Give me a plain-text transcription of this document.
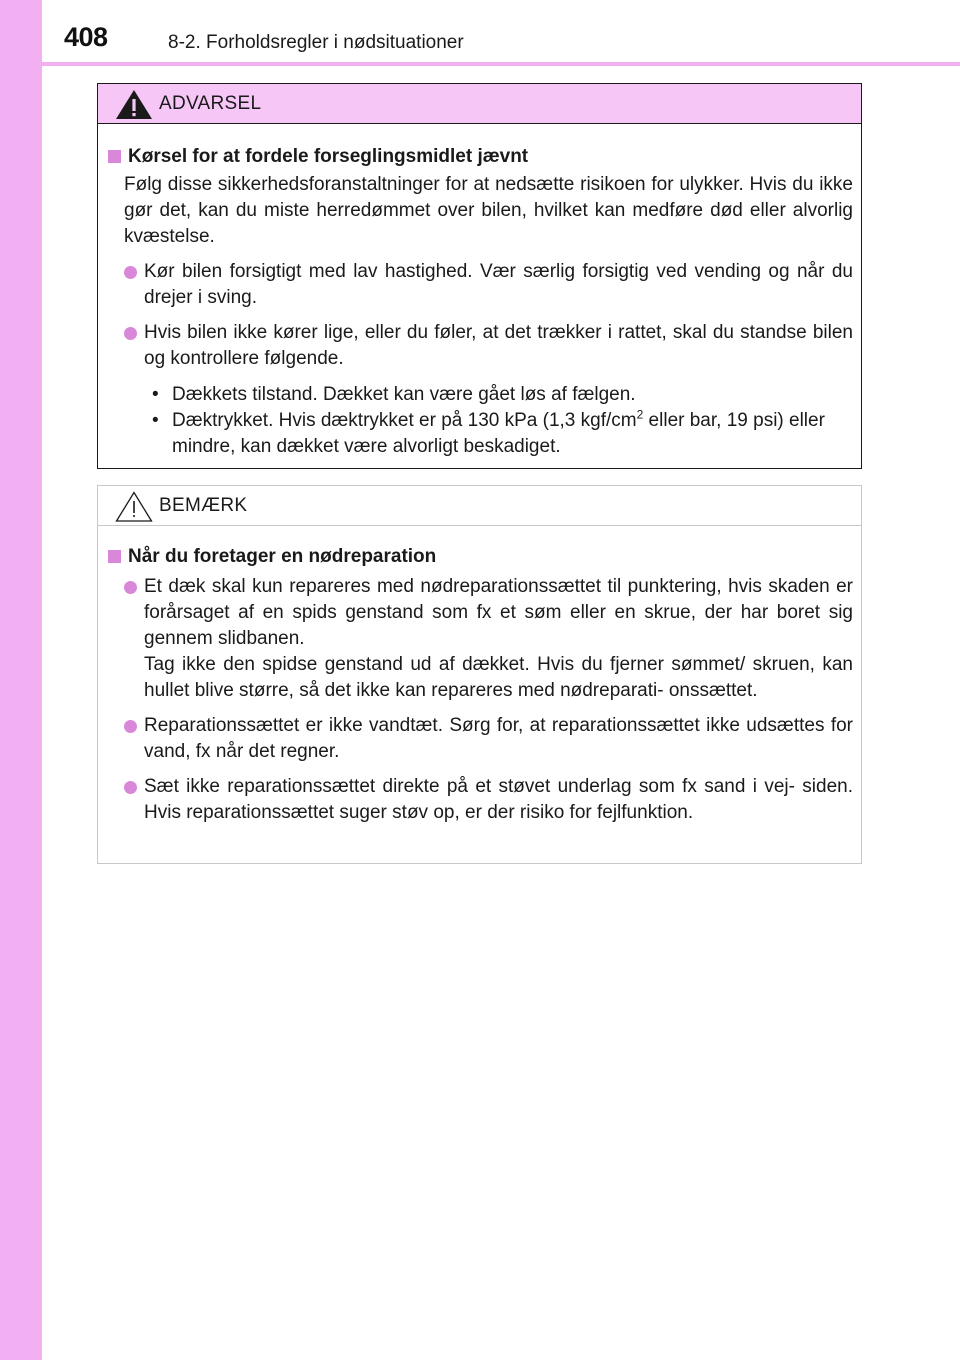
408	8-2. Forholdsregler i nødsituationer
ADVARSEL
Kørsel for at fordele forseglingsmidlet jævnt
Følg disse sikkerhedsforanstaltninger for at nedsætte risikoen for ulykker. Hvis du ikke gør det, kan du miste herredømmet over bilen, hvilket kan medføre død eller alvorlig kvæstelse.
Kør bilen forsigtigt med lav hastighed. Vær særlig forsigtig ved vending og når du drejer i sving.
Hvis bilen ikke kører lige, eller du føler, at det trækker i rattet, skal du standse bilen og kontrollere følgende.
• Dækkets tilstand. Dækket kan være gået løs af fælgen.
• Dæktrykket. Hvis dæktrykket er på 130 kPa (1,3 kgf/$cm^2$ eller bar, 19 psi) eller mindre, kan dækket være alvorligt beskadiget.
BEMÆRK
Når du foretager en nødreparation
Et dæk skal kun repareres med nødreparationssættet til punktering, hvis skaden er forårsaget af en spids genstand som fx et søm eller en skrue, der har boret sig gennem slidbanen.
Tag ikke den spidse genstand ud af dækket. Hvis du fjerner sømmet/ skruen, kan hullet blive større, så det ikke kan repareres med nødreparati- onssættet.
Reparationssættet er ikke vandtæt. Sørg for, at reparationssættet ikke udsættes for vand, fx når det regner.
Sæt ikke reparationssættet direkte på et støvet underlag som fx sand i vej- siden. Hvis reparationssættet suger støv op, er der risiko for fejlfunktion.
